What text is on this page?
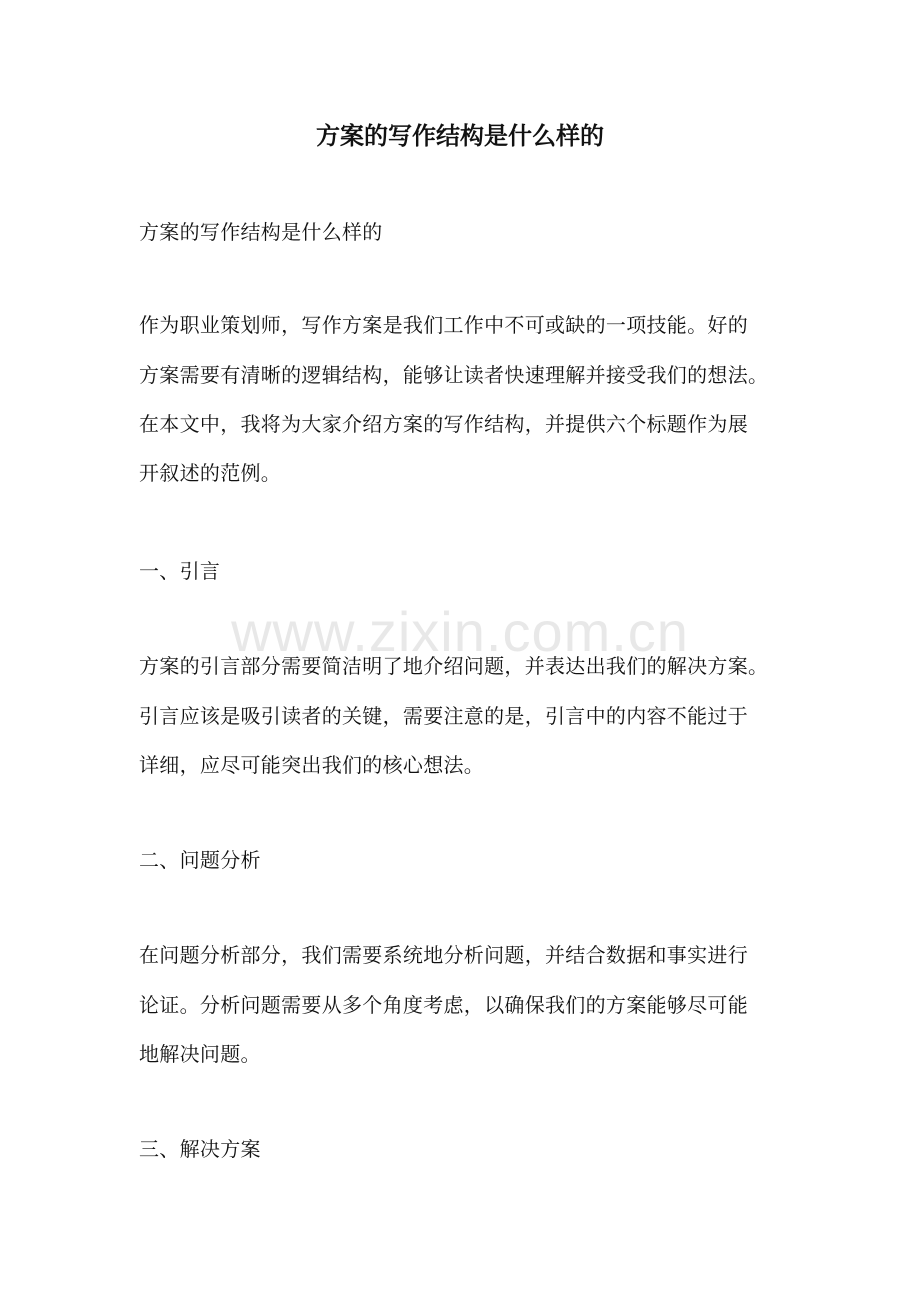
方案的写作结构是什么样的
方案的写作结构是什么样的
作为职业策划师，写作方案是我们工作中不可或缺的一项技能。好的
方案需要有清晰的逻辑结构，能够让读者快速理解并接受我们的想法。
在本文中，我将为大家介绍方案的写作结构，并提供六个标题作为展
开叙述的范例。
一、引言
方案的引言部分需要简洁明了地介绍问题，并表达出我们的解决方案。
引言应该是吸引读者的关键，需要注意的是，引言中的内容不能过于
详细，应尽可能突出我们的核心想法。
二、问题分析
在问题分析部分，我们需要系统地分析问题，并结合数据和事实进行
论证。分析问题需要从多个角度考虑，以确保我们的方案能够尽可能
地解决问题。
三、解决方案
www.zixin.com.cn
